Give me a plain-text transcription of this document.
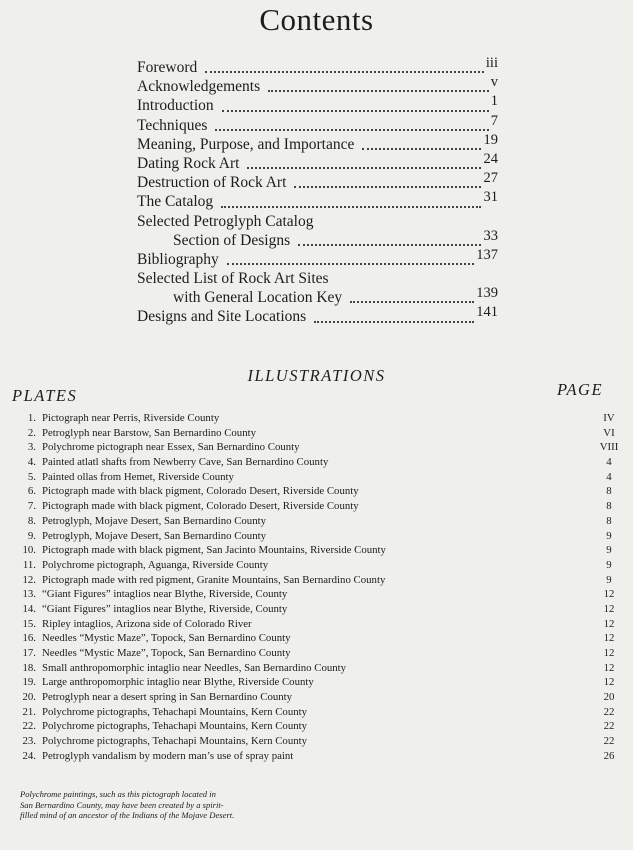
Contents
Foreword	iii
Acknowledgements	v
Introduction	1
Techniques	7
Meaning, Purpose, and Importance	19
Dating Rock Art	24
Destruction of Rock Art	27
The Catalog	31
Selected Petroglyph Catalog
Section of Designs	33
Bibliography	137
Selected List of Rock Art Sites
with General Location Key	139
Designs and Site Locations	141
ILLUSTRATIONS
PLATES	PAGE
1. Pictograph near Perris, Riverside County	IV
2. Petroglyph near Barstow, San Bernardino County	VI
3. Polychrome pictograph near Essex, San Bernardino County	VIII
4. Painted atlatl shafts from Newberry Cave, San Bernardino County	4
5. Painted ollas from Hemet, Riverside County	4
6. Pictograph made with black pigment, Colorado Desert, Riverside County	8
7. Pictograph made with black pigment, Colorado Desert, Riverside County	8
8. Petroglyph, Mojave Desert, San Bernardino County	8
9. Petroglyph, Mojave Desert, San Bernardino County	9
10. Pictograph made with black pigment, San Jacinto Mountains, Riverside County	9
11. Polychrome pictograph, Aguanga, Riverside County	9
12. Pictograph made with red pigment, Granite Mountains, San Bernardino County	9
13. “Giant Figures” intaglios near Blythe, Riverside, County	12
14. “Giant Figures” intaglios near Blythe, Riverside, County	12
15. Ripley intaglios, Arizona side of Colorado River	12
16. Needles “Mystic Maze”, Topock, San Bernardino County	12
17. Needles “Mystic Maze”, Topock, San Bernardino County	12
18. Small anthropomorphic intaglio near Needles, San Bernardino County	12
19. Large anthropomorphic intaglio near Blythe, Riverside County	12
20. Petroglyph near a desert spring in San Bernardino County	20
21. Polychrome pictographs, Tehachapi Mountains, Kern County	22
22. Polychrome pictographs, Tehachapi Mountains, Kern County	22
23. Polychrome pictographs, Tehachapi Mountains, Kern County	22
24. Petroglyph vandalism by modern man’s use of spray paint	26
Polychrome paintings, such as this pictograph located in
San Bernardino County, may have been created by a spirit-
filled mind of an ancestor of the Indians of the Mojave Desert.
